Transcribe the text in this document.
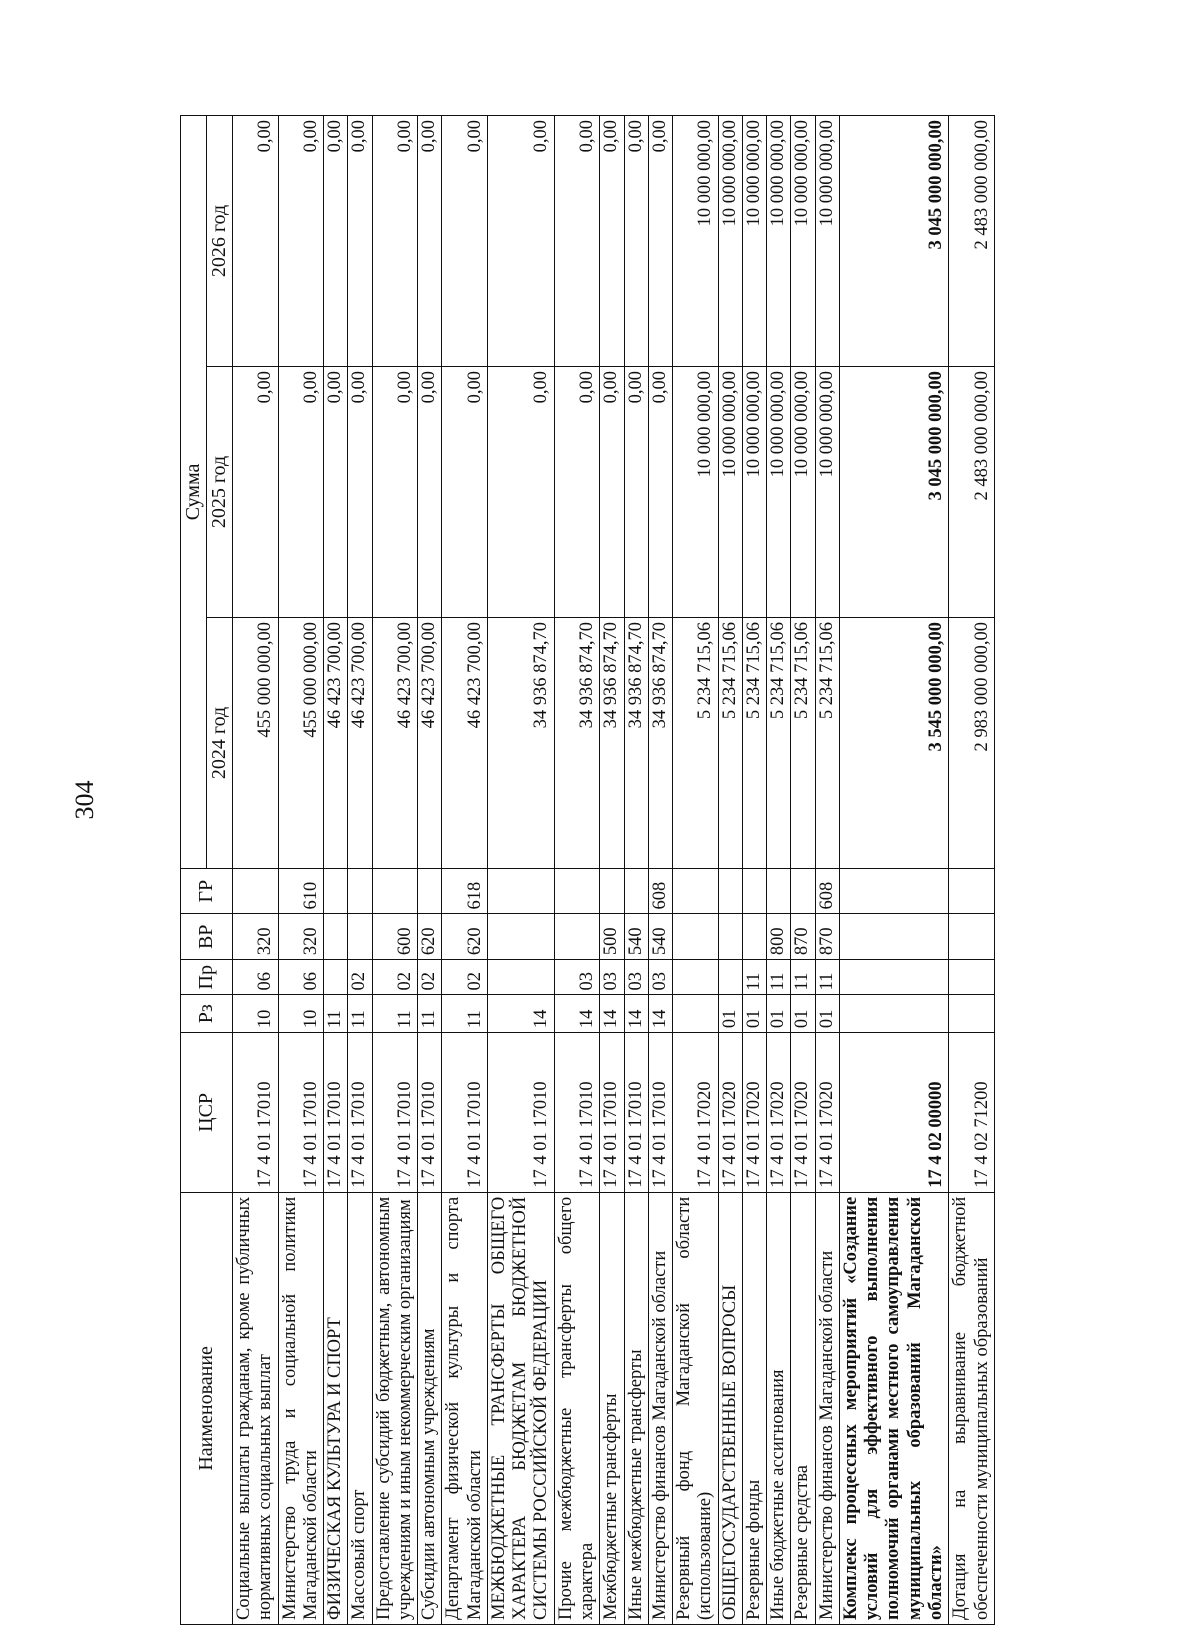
304
Наименование	ЦСР	Рз	Пр	ВР	ГР	Сумма		
						2024 год	2025 год	2026 год
Социальные выплаты гражданам, кроме публичных нормативных социальных выплат	17 4 01 17010	10	06	320		455 000 000,00	0,00	0,00
Министерство труда и социальной политики Магаданской области	17 4 01 17010	10	06	320	610	455 000 000,00	0,00	0,00
ФИЗИЧЕСКАЯ КУЛЬТУРА И СПОРТ	17 4 01 17010	11				46 423 700,00	0,00	0,00
Массовый спорт	17 4 01 17010	11	02			46 423 700,00	0,00	0,00
Предоставление субсидий бюджетным, автономным учреждениям и иным некоммерческим организациям	17 4 01 17010	11	02	600		46 423 700,00	0,00	0,00
Субсидии автономным учреждениям	17 4 01 17010	11	02	620		46 423 700,00	0,00	0,00
Департамент физической культуры и спорта Магаданской области	17 4 01 17010	11	02	620	618	46 423 700,00	0,00	0,00
МЕЖБЮДЖЕТНЫЕ ТРАНСФЕРТЫ ОБЩЕГО ХАРАКТЕРА БЮДЖЕТАМ БЮДЖЕТНОЙ СИСТЕМЫ РОССИЙСКОЙ ФЕДЕРАЦИИ	17 4 01 17010	14				34 936 874,70	0,00	0,00
Прочие межбюджетные трансферты общего характера	17 4 01 17010	14	03			34 936 874,70	0,00	0,00
Межбюджетные трансферты	17 4 01 17010	14	03	500		34 936 874,70	0,00	0,00
Иные межбюджетные трансферты	17 4 01 17010	14	03	540		34 936 874,70	0,00	0,00
Министерство финансов Магаданской области	17 4 01 17010	14	03	540	608	34 936 874,70	0,00	0,00
Резервный фонд Магаданской области (использование)	17 4 01 17020					5 234 715,06	10 000 000,00	10 000 000,00
ОБЩЕГОСУДАРСТВЕННЫЕ ВОПРОСЫ	17 4 01 17020	01				5 234 715,06	10 000 000,00	10 000 000,00
Резервные фонды	17 4 01 17020	01	11			5 234 715,06	10 000 000,00	10 000 000,00
Иные бюджетные ассигнования	17 4 01 17020	01	11	800		5 234 715,06	10 000 000,00	10 000 000,00
Резервные средства	17 4 01 17020	01	11	870		5 234 715,06	10 000 000,00	10 000 000,00
Министерство финансов Магаданской области	17 4 01 17020	01	11	870	608	5 234 715,06	10 000 000,00	10 000 000,00
Комплекс процессных мероприятий «Создание условий для эффективного выполнения полномочий органами местного самоуправления муниципальных образований Магаданской области»	17 4 02 00000					3 545 000 000,00	3 045 000 000,00	3 045 000 000,00
Дотация на выравнивание бюджетной обеспеченности муниципальных образований	17 4 02 71200					2 983 000 000,00	2 483 000 000,00	2 483 000 000,00
